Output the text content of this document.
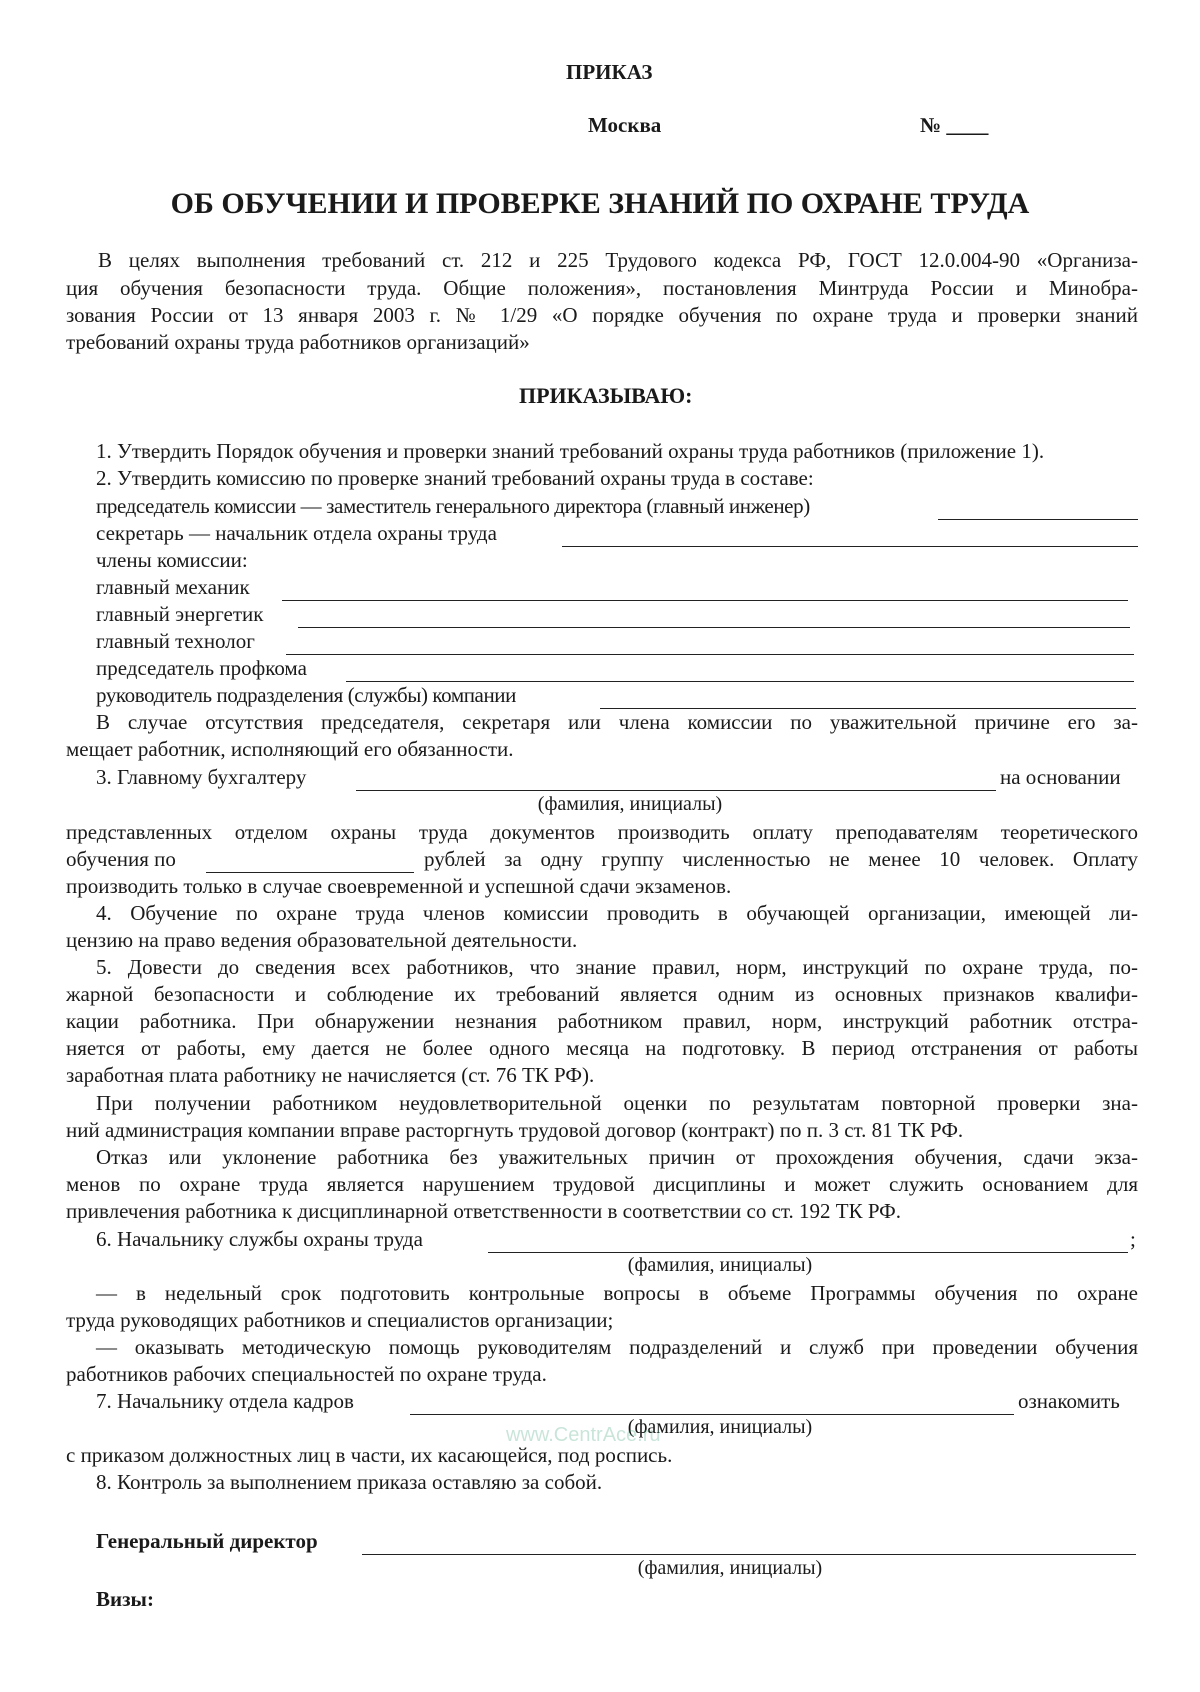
ПРИКАЗ
Москва	№ ____
ОБ ОБУЧЕНИИ И ПРОВЕРКЕ ЗНАНИЙ ПО ОХРАНЕ ТРУДА
В целях выполнения требований ст. 212 и 225 Трудового кодекса РФ, ГОСТ 12.0.004-90 «Организа-
ция обучения безопасности труда. Общие положения», постановления Минтруда России и Минобра-
зования России от 13 января 2003 г. № 1/29 «О порядке обучения по охране труда и проверки знаний
требований охраны труда работников организаций»
ПРИКАЗЫВАЮ:
1. Утвердить Порядок обучения и проверки знаний требований охраны труда работников (приложение 1).
2. Утвердить комиссию по проверке знаний требований охраны труда в составе:
председатель комиссии — заместитель генерального директора (главный инженер)
секретарь — начальник отдела охраны труда
члены комиссии:
главный механик
главный энергетик
главный технолог
председатель профкома
руководитель подразделения (службы) компании
В случае отсутствия председателя, секретаря или члена комиссии по уважительной причине его за-
мещает работник, исполняющий его обязанности.
3. Главному бухгалтеру	на основании
(фамилия, инициалы)
представленных отделом охраны труда документов производить оплату преподавателям теоретического
обучения по	рублей за одну группу численностью не менее 10 человек. Оплату
производить только в случае своевременной и успешной сдачи экзаменов.
4. Обучение по охране труда членов комиссии проводить в обучающей организации, имеющей ли-
цензию на право ведения образовательной деятельности.
5. Довести до сведения всех работников, что знание правил, норм, инструкций по охране труда, по-
жарной безопасности и соблюдение их требований является одним из основных признаков квалифи-
кации работника. При обнаружении незнания работником правил, норм, инструкций работник отстра-
няется от работы, ему дается не более одного месяца на подготовку. В период отстранения от работы
заработная плата работнику не начисляется (ст. 76 ТК РФ).
При получении работником неудовлетворительной оценки по результатам повторной проверки зна-
ний администрация компании вправе расторгнуть трудовой договор (контракт) по п. 3 ст. 81 ТК РФ.
Отказ или уклонение работника без уважительных причин от прохождения обучения, сдачи экза-
менов по охране труда является нарушением трудовой дисциплины и может служить основанием для
привлечения работника к дисциплинарной ответственности в соответствии со ст. 192 ТК РФ.
6. Начальнику службы охраны труда	;
(фамилия, инициалы)
— в недельный срок подготовить контрольные вопросы в объеме Программы обучения по охране
труда руководящих работников и специалистов организации;
— оказывать методическую помощь руководителям подразделений и служб при проведении обучения
работников рабочих специальностей по охране труда.
7. Начальнику отдела кадров	ознакомить
(фамилия, инициалы)
с приказом должностных лиц в части, их касающейся, под роспись.
www.CentrAce.ru
8. Контроль за выполнением приказа оставляю за собой.
Генеральный директор
(фамилия, инициалы)
Визы:
